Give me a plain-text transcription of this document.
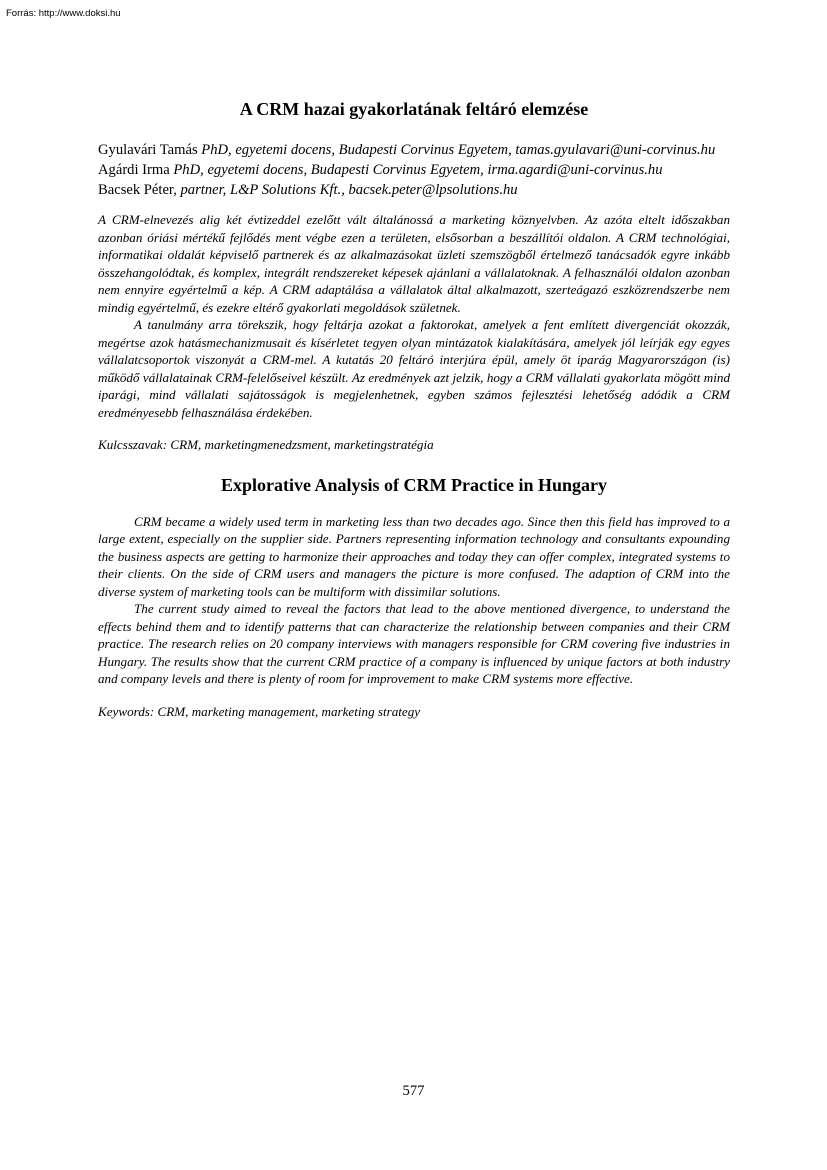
Forrás: http://www.doksi.hu
A CRM hazai gyakorlatának feltáró elemzése
Gyulavári Tamás PhD, egyetemi docens, Budapesti Corvinus Egyetem, tamas.gyulavari@uni-corvinus.hu
Agárdi Irma PhD, egyetemi docens, Budapesti Corvinus Egyetem, irma.agardi@uni-corvinus.hu
Bacsek Péter, partner, L&P Solutions Kft., bacsek.peter@lpsolutions.hu

A CRM-elnevezés alig két évtizeddel ezelőtt vált általánossá a marketing köznyelvben. Az azóta eltelt időszakban azonban óriási mértékű fejlődés ment végbe ezen a területen, elsősorban a beszállítói oldalon. A CRM technológiai, informatikai oldalát képviselő partnerek és az alkalmazásokat üzleti szemszögből értelmező tanácsadók egyre inkább összehangolódtak, és komplex, integrált rendszereket képesek ajánlani a vállalatoknak. A felhasználói oldalon azonban nem ennyire egyértelmű a kép. A CRM adaptálása a vállalatok által alkalmazott, szerteágazó eszközrendszerbe nem mindig egyértelmű, és ezekre eltérő gyakorlati megoldások születnek.

A tanulmány arra törekszik, hogy feltárja azokat a faktorokat, amelyek a fent említett divergenciát okozzák, megértse azok hatásmechanizmusait és kísérletet tegyen olyan mintázatok kialakítására, amelyek jól leírják egy egyes vállalatcsoportok viszonyát a CRM-mel. A kutatás 20 feltáró interjúra épül, amely öt iparág Magyarországon (is) működő vállalatainak CRM-felelőseivel készült. Az eredmények azt jelzik, hogy a CRM vállalati gyakorlata mögött mind iparági, mind vállalati sajátosságok is megjelenhetnek, egyben számos fejlesztési lehetőség adódik a CRM eredményesebb felhasználása érdekében.

Kulcsszavak: CRM, marketingmenedzsment, marketingstratégia
Explorative Analysis of CRM Practice in Hungary

CRM became a widely used term in marketing less than two decades ago. Since then this field has improved to a large extent, especially on the supplier side. Partners representing information technology and consultants expounding the business aspects are getting to harmonize their approaches and today they can offer complex, integrated systems to their clients. On the side of CRM users and managers the picture is more confused. The adaption of CRM into the diverse system of marketing tools can be multiform with dissimilar solutions.

The current study aimed to reveal the factors that lead to the above mentioned divergence, to understand the effects behind them and to identify patterns that can characterize the relationship between companies and their CRM practice. The research relies on 20 company interviews with managers responsible for CRM covering five industries in Hungary. The results show that the current CRM practice of a company is influenced by unique factors at both industry and company levels and there is plenty of room for improvement to make CRM systems more effective.

Keywords: CRM, marketing management, marketing strategy
577
